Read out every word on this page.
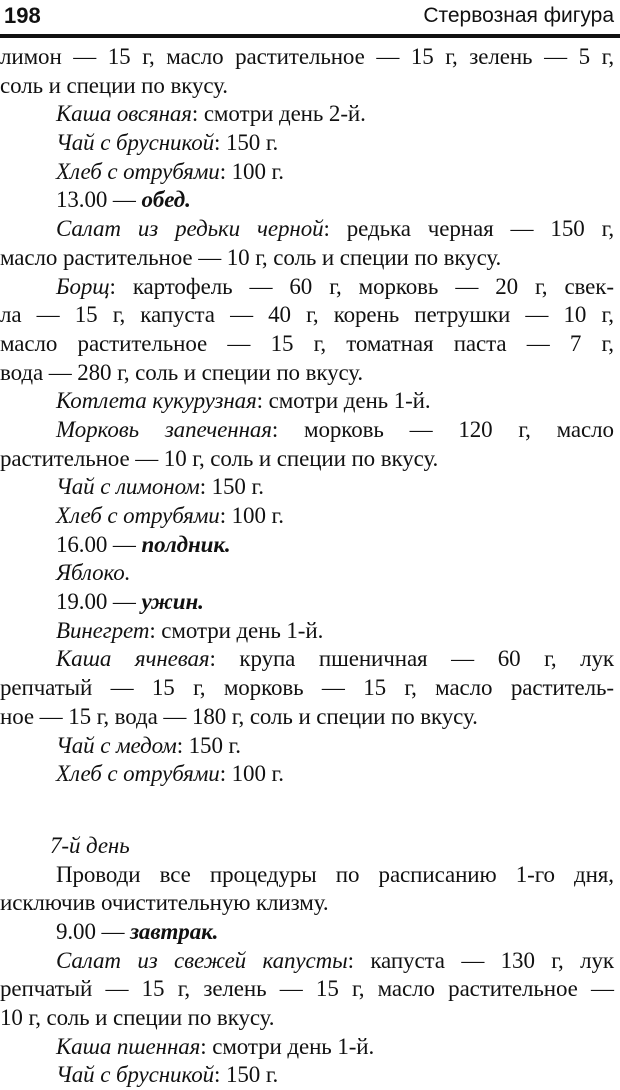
198	Стервозная фигура
лимон — 15 г, масло растительное — 15 г, зелень — 5 г,
соль и специи по вкусу.
Каша овсяная: смотри день 2-й.
Чай с брусникой: 150 г.
Хлеб с отрубями: 100 г.
13.00 — обед.
Салат из редьки черной: редька черная — 150 г,
масло растительное — 10 г, соль и специи по вкусу.
Борщ: картофель — 60 г, морковь — 20 г, свек-
ла — 15 г, капуста — 40 г, корень петрушки — 10 г,
масло растительное — 15 г, томатная паста — 7 г,
вода — 280 г, соль и специи по вкусу.
Котлета кукурузная: смотри день 1-й.
Морковь запеченная: морковь — 120 г, масло
растительное — 10 г, соль и специи по вкусу.
Чай с лимоном: 150 г.
Хлеб с отрубями: 100 г.
16.00 — полдник.
Яблоко.
19.00 — ужин.
Винегрет: смотри день 1-й.
Каша ячневая: крупа пшеничная — 60 г, лук
репчатый — 15 г, морковь — 15 г, масло раститель-
ное — 15 г, вода — 180 г, соль и специи по вкусу.
Чай с медом: 150 г.
Хлеб с отрубями: 100 г.
7-й день
Проводи все процедуры по расписанию 1-го дня,
исключив очистительную клизму.
9.00 — завтрак.
Салат из свежей капусты: капуста — 130 г, лук
репчатый — 15 г, зелень — 15 г, масло растительное —
10 г, соль и специи по вкусу.
Каша пшенная: смотри день 1-й.
Чай с брусникой: 150 г.
